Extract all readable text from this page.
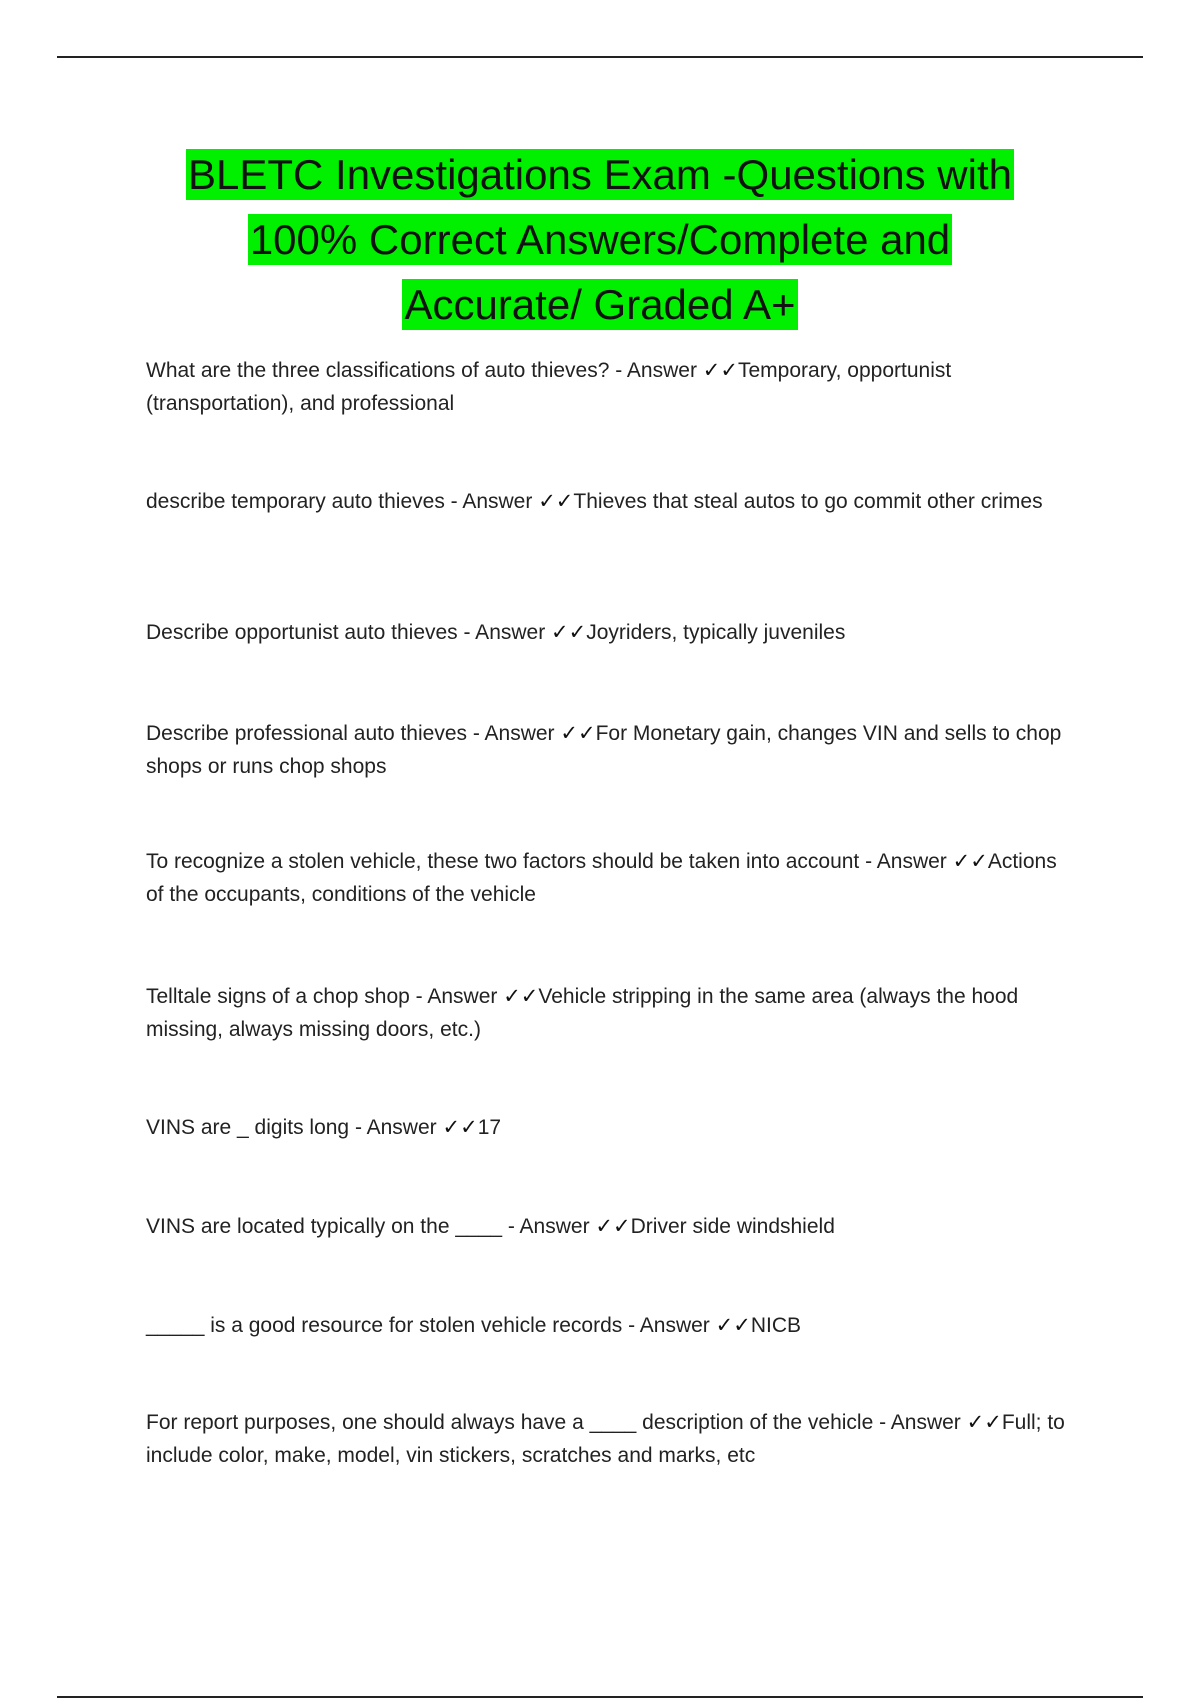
BLETC Investigations Exam -Questions with
100% Correct Answers/Complete and
Accurate/ Graded A+

What are the three classifications of auto thieves? - Answer ✓✓Temporary, opportunist (transportation), and professional

describe temporary auto thieves - Answer ✓✓Thieves that steal autos to go commit other crimes

Describe opportunist auto thieves - Answer ✓✓Joyriders, typically juveniles

Describe professional auto thieves - Answer ✓✓For Monetary gain, changes VIN and sells to chop shops or runs chop shops

To recognize a stolen vehicle, these two factors should be taken into account - Answer ✓✓Actions of the occupants, conditions of the vehicle

Telltale signs of a chop shop - Answer ✓✓Vehicle stripping in the same area (always the hood missing, always missing doors, etc.)

VINS are _ digits long - Answer ✓✓17

VINS are located typically on the ____ - Answer ✓✓Driver side windshield

_____ is a good resource for stolen vehicle records - Answer ✓✓NICB

For report purposes, one should always have a ____ description of the vehicle - Answer ✓✓Full; to include color, make, model, vin stickers, scratches and marks, etc
